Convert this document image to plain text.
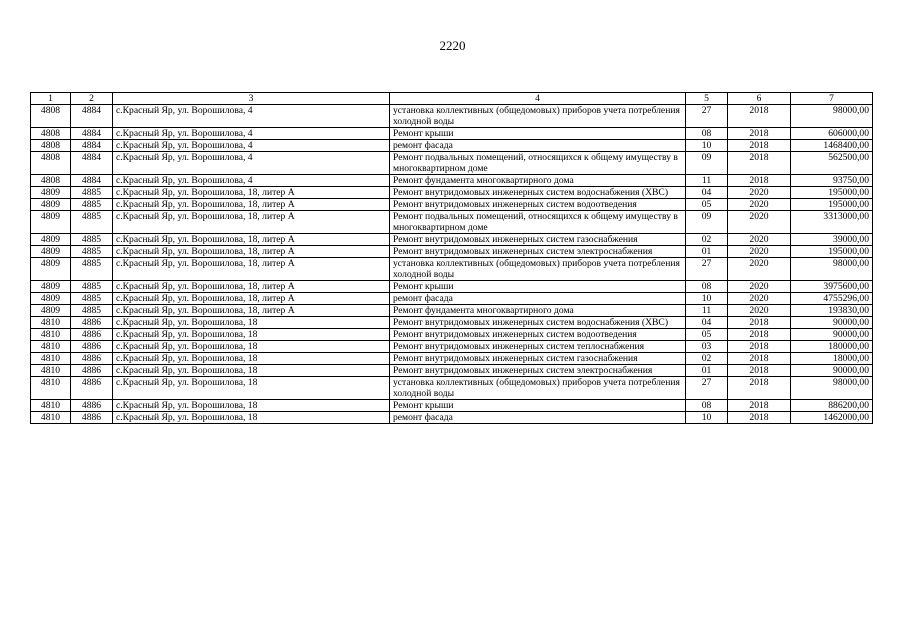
2220
1	2	3	4	5	6	7
4808	4884	с.Красный Яр, ул. Ворошилова, 4	установка коллективных (общедомовых) приборов учета потребления холодной воды	27	2018	98000,00
4808	4884	с.Красный Яр, ул. Ворошилова, 4	Ремонт крыши	08	2018	606000,00
4808	4884	с.Красный Яр, ул. Ворошилова, 4	ремонт фасада	10	2018	1468400,00
4808	4884	с.Красный Яр, ул. Ворошилова, 4	Ремонт подвальных помещений, относящихся к общему имуществу в многоквартирном доме	09	2018	562500,00
4808	4884	с.Красный Яр, ул. Ворошилова, 4	Ремонт фундамента многоквартирного дома	11	2018	93750,00
4809	4885	с.Красный Яр, ул. Ворошилова, 18, литер А	Ремонт внутридомовых инженерных систем водоснабжения (ХВС)	04	2020	195000,00
4809	4885	с.Красный Яр, ул. Ворошилова, 18, литер А	Ремонт внутридомовых инженерных систем водоотведения	05	2020	195000,00
4809	4885	с.Красный Яр, ул. Ворошилова, 18, литер А	Ремонт подвальных помещений, относящихся к общему имуществу в многоквартирном доме	09	2020	3313000,00
4809	4885	с.Красный Яр, ул. Ворошилова, 18, литер А	Ремонт внутридомовых инженерных систем газоснабжения	02	2020	39000,00
4809	4885	с.Красный Яр, ул. Ворошилова, 18, литер А	Ремонт внутридомовых инженерных систем электроснабжения	01	2020	195000,00
4809	4885	с.Красный Яр, ул. Ворошилова, 18, литер А	установка коллективных (общедомовых) приборов учета потребления холодной воды	27	2020	98000,00
4809	4885	с.Красный Яр, ул. Ворошилова, 18, литер А	Ремонт крыши	08	2020	3975600,00
4809	4885	с.Красный Яр, ул. Ворошилова, 18, литер А	ремонт фасада	10	2020	4755296,00
4809	4885	с.Красный Яр, ул. Ворошилова, 18, литер А	Ремонт фундамента многоквартирного дома	11	2020	193830,00
4810	4886	с.Красный Яр, ул. Ворошилова, 18	Ремонт внутридомовых инженерных систем водоснабжения (ХВС)	04	2018	90000,00
4810	4886	с.Красный Яр, ул. Ворошилова, 18	Ремонт внутридомовых инженерных систем водоотведения	05	2018	90000,00
4810	4886	с.Красный Яр, ул. Ворошилова, 18	Ремонт внутридомовых инженерных систем теплоснабжения	03	2018	180000,00
4810	4886	с.Красный Яр, ул. Ворошилова, 18	Ремонт внутридомовых инженерных систем газоснабжения	02	2018	18000,00
4810	4886	с.Красный Яр, ул. Ворошилова, 18	Ремонт внутридомовых инженерных систем электроснабжения	01	2018	90000,00
4810	4886	с.Красный Яр, ул. Ворошилова, 18	установка коллективных (общедомовых) приборов учета потребления холодной воды	27	2018	98000,00
4810	4886	с.Красный Яр, ул. Ворошилова, 18	Ремонт крыши	08	2018	886200,00
4810	4886	с.Красный Яр, ул. Ворошилова, 18	ремонт фасада	10	2018	1462000,00
